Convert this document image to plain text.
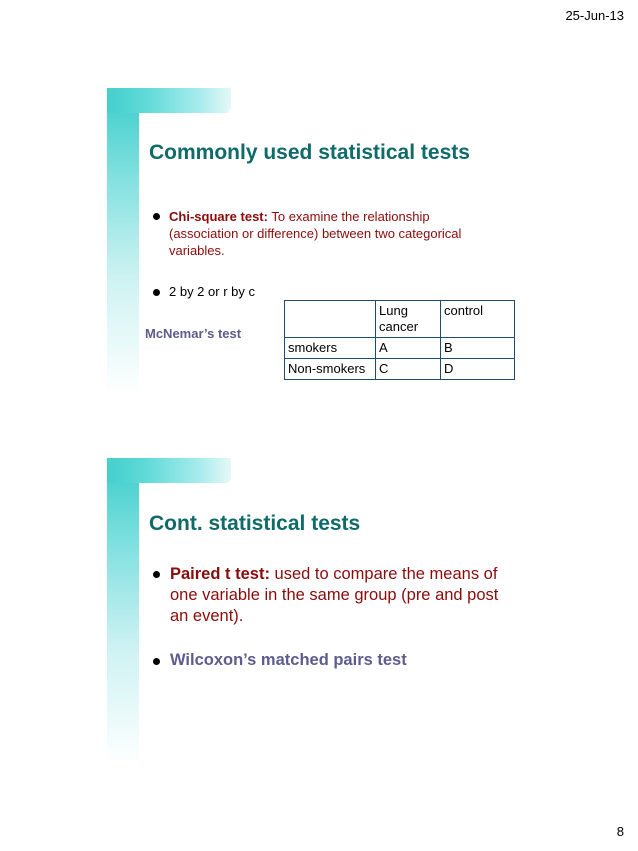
25-Jun-13
Commonly used statistical tests
Chi-square test: To examine the relationship (association or difference) between two categorical variables.
2 by 2 or r by c
McNemar’s test
	Lung cancer	control
smokers	A	B
Non-smokers	C	D
Cont. statistical tests
Paired t test: used to compare the means of one variable in the same group (pre and post an event).
Wilcoxon’s matched pairs test
8
